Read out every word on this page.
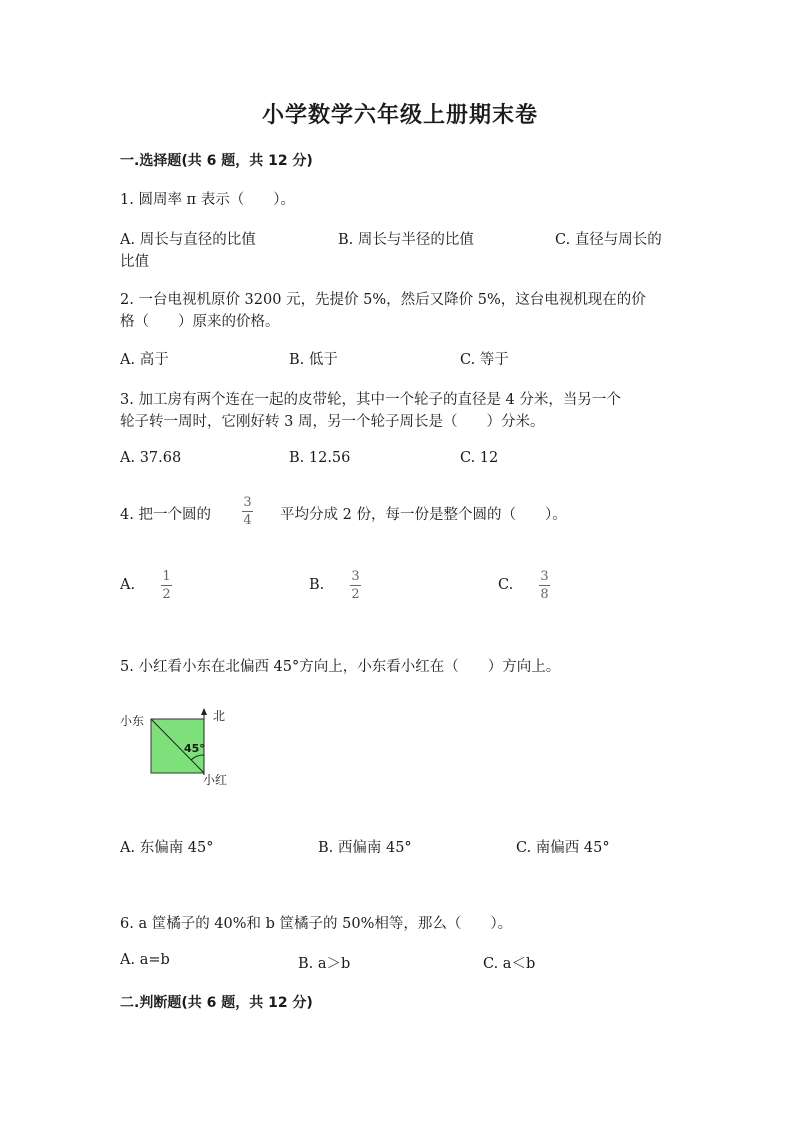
小学数学六年级上册期末卷
一.选择题(共 6 题，共 12 分)
1. 圆周率 π 表示（　　）。
A. 周长与直径的比值	B. 周长与半径的比值	C. 直径与周长的
比值
2. 一台电视机原价 3200 元，先提价 5%，然后又降价 5%，这台电视机现在的价
格（　　）原来的价格。
A. 高于	B. 低于	C. 等于
3. 加工房有两个连在一起的皮带轮，其中一个轮子的直径是 4 分米，当另一个
轮子转一周时，它刚好转 3 周，另一个轮子周长是（　　）分米。
A. 37.68	B. 12.56	C. 12
4. 把一个圆的
3
4 平均分成 2 份，每一份是整个圆的（　　）。
A.
1
2
B.
3
2
C.
3
8
5. 小红看小东在北偏西 45°方向上，小东看小红在（　　）方向上。
小东	北
45°
小红
A. 东偏南 45°	B. 西偏南 45°	C. 南偏西 45°
6. a 筐橘子的 40%和 b 筐橘子的 50%相等，那么（　　）。
A. a=b	B. a＞b	C. a＜b
二.判断题(共 6 题，共 12 分)
